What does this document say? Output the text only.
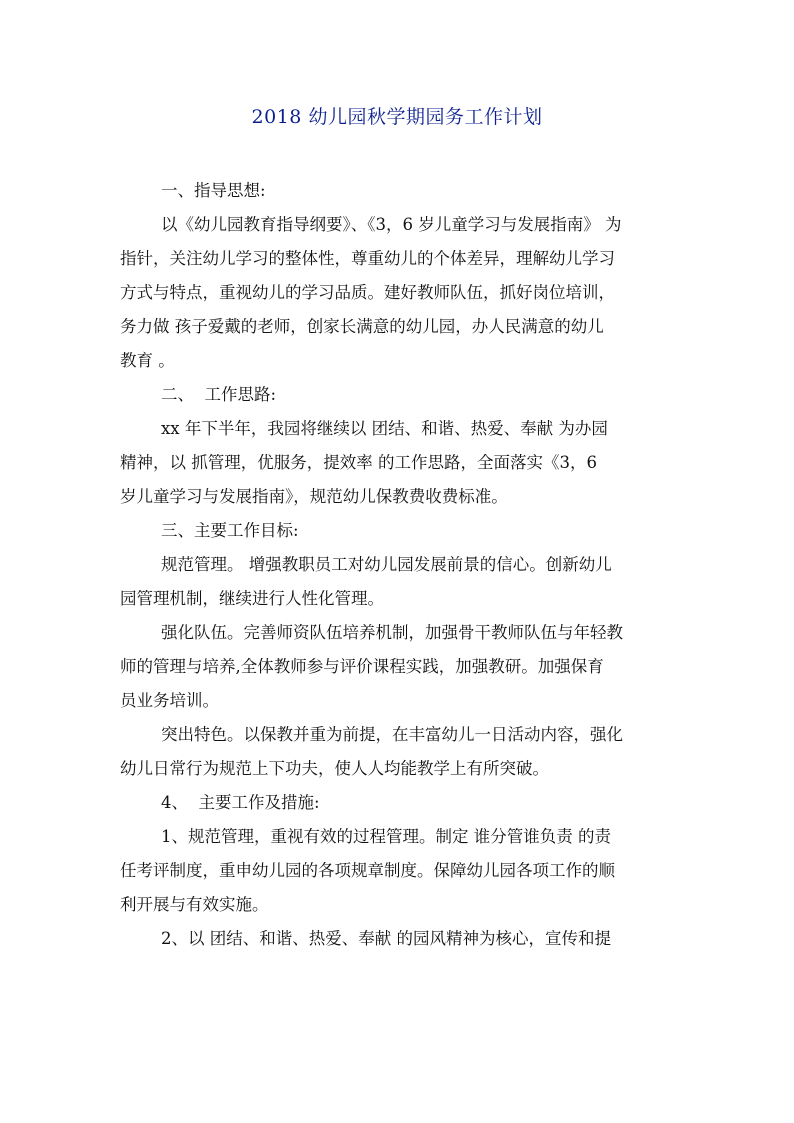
2018 幼儿园秋学期园务工作计划
一、指导思想:
以《幼儿园教育指导纲要》、《3，6 岁儿童学习与发展指南》 为
指针，关注幼儿学习的整体性，尊重幼儿的个体差异，理解幼儿学习
方式与特点，重视幼儿的学习品质。建好教师队伍，抓好岗位培训，
务力做 孩子爱戴的老师，创家长满意的幼儿园，办人民满意的幼儿
教育 。
二、  工作思路:
xx 年下半年，我园将继续以 团结、和谐、热爱、奉献 为办园
精神，以 抓管理，优服务，提效率 的工作思路，全面落实《3，6
岁儿童学习与发展指南》，规范幼儿保教费收费标准。
三、主要工作目标:
规范管理。 增强教职员工对幼儿园发展前景的信心。创新幼儿
园管理机制，继续进行人性化管理。
强化队伍。完善师资队伍培养机制，加强骨干教师队伍与年轻教
师的管理与培养,全体教师参与评价课程实践，加强教研。加强保育
员业务培训。
突出特色。以保教并重为前提，在丰富幼儿一日活动内容，强化
幼儿日常行为规范上下功夫，使人人均能教学上有所突破。
4、  主要工作及措施:
1、规范管理，重视有效的过程管理。制定 谁分管谁负责 的责
任考评制度，重申幼儿园的各项规章制度。保障幼儿园各项工作的顺
利开展与有效实施。
2、以 团结、和谐、热爱、奉献 的园风精神为核心，宣传和提
